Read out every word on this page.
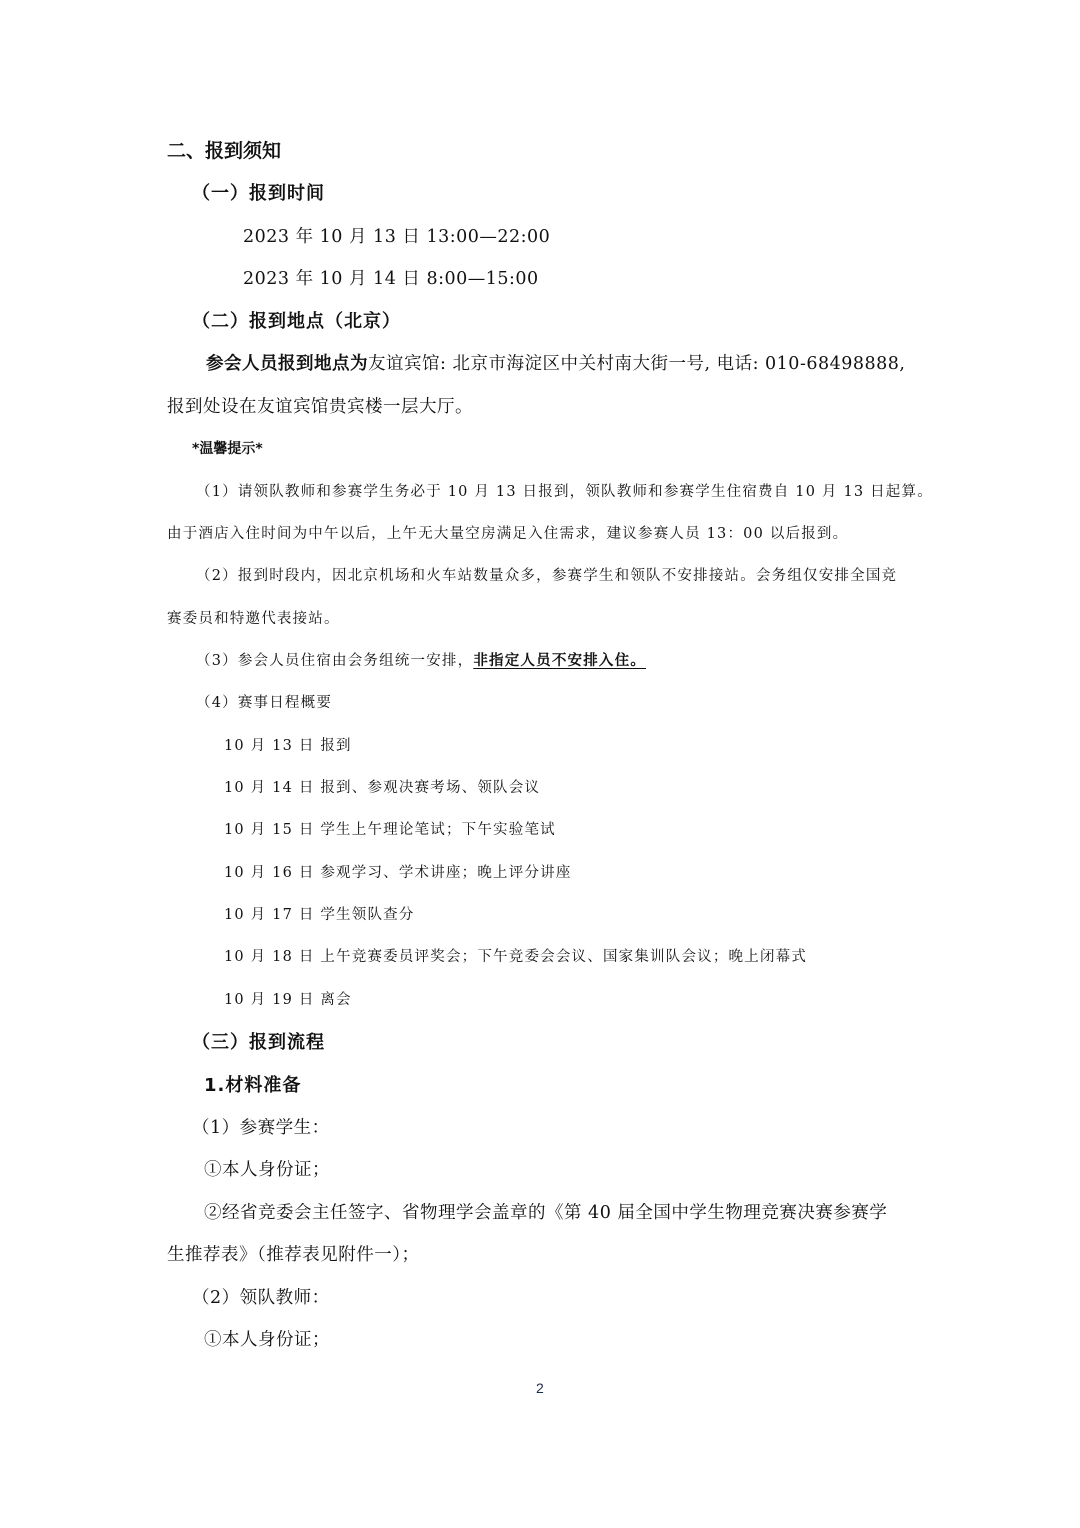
二、报到须知
（一）报到时间
2023 年 10 月 13 日 13:00—22:00
2023 年 10 月 14 日 8:00—15:00
（二）报到地点（北京）
参会人员报到地点为友谊宾馆: 北京市海淀区中关村南大街一号, 电话: 010-68498888,
报到处设在友谊宾馆贵宾楼一层大厅。
*温馨提示*
（1）请领队教师和参赛学生务必于 10 月 13 日报到，领队教师和参赛学生住宿费自 10 月 13 日起算。
由于酒店入住时间为中午以后，上午无大量空房满足入住需求，建议参赛人员 13：00 以后报到。
（2）报到时段内，因北京机场和火车站数量众多，参赛学生和领队不安排接站。会务组仅安排全国竞
赛委员和特邀代表接站。
（3）参会人员住宿由会务组统一安排，非指定人员不安排入住。
（4）赛事日程概要
10 月 13 日 报到
10 月 14 日 报到、参观决赛考场、领队会议
10 月 15 日 学生上午理论笔试；下午实验笔试
10 月 16 日 参观学习、学术讲座；晚上评分讲座
10 月 17 日 学生领队查分
10 月 18 日 上午竞赛委员评奖会；下午竞委会会议、国家集训队会议；晚上闭幕式
10 月 19 日 离会
（三）报到流程
1.材料准备
（1）参赛学生：
①本人身份证；
②经省竞委会主任签字、省物理学会盖章的《第 40 届全国中学生物理竞赛决赛参赛学
生推荐表》（推荐表见附件一）；
（2）领队教师：
①本人身份证；
2
